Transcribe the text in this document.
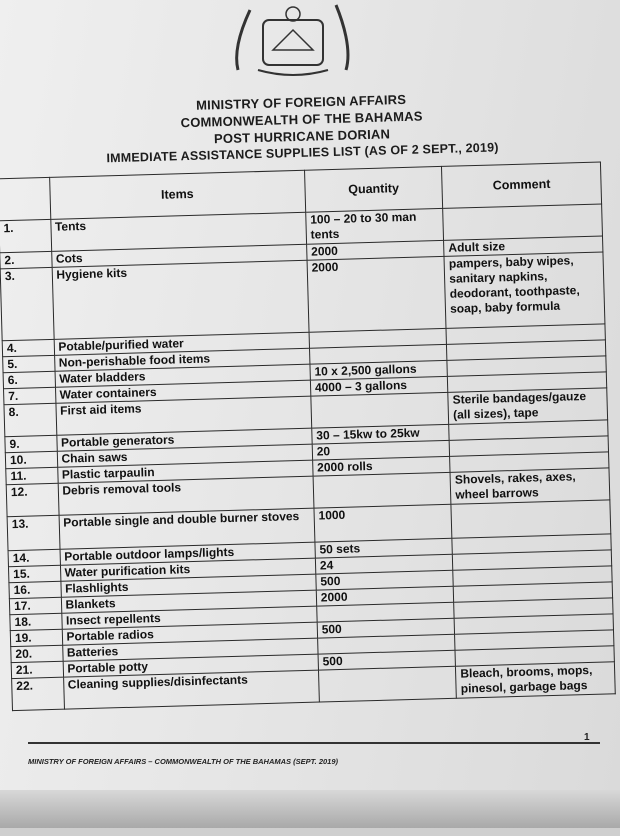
MINISTRY OF FOREIGN AFFAIRS
COMMONWEALTH OF THE BAHAMAS
POST HURRICANE DORIAN
IMMEDIATE ASSISTANCE SUPPLIES LIST (AS OF 2 SEPT., 2019)
	Items	Quantity	Comment
1.	Tents	100 – 20 to 30 man tents	
2.	Cots	2000	Adult size
3.	Hygiene kits	2000	pampers, baby wipes, sanitary napkins, deodorant, toothpaste, soap, baby formula
4.	Potable/purified water		
5.	Non-perishable food items		
6.	Water bladders	10 x 2,500 gallons	
7.	Water containers	4000 – 3 gallons	
8.	First aid items		Sterile bandages/gauze (all sizes), tape
9.	Portable generators	30 – 15kw to 25kw	
10.	Chain saws	20	
11.	Plastic tarpaulin	2000 rolls	
12.	Debris removal tools		Shovels, rakes, axes, wheel barrows
13.	Portable single and double burner stoves	1000	
14.	Portable outdoor lamps/lights	50 sets	
15.	Water purification kits	24	
16.	Flashlights	500	
17.	Blankets	2000	
18.	Insect repellents		
19.	Portable radios	500	
20.	Batteries		
21.	Portable potty	500	
22.	Cleaning supplies/disinfectants		Bleach, brooms, mops, pinesol, garbage bags
1
MINISTRY OF FOREIGN AFFAIRS – COMMONWEALTH OF THE BAHAMAS (SEPT. 2019)
